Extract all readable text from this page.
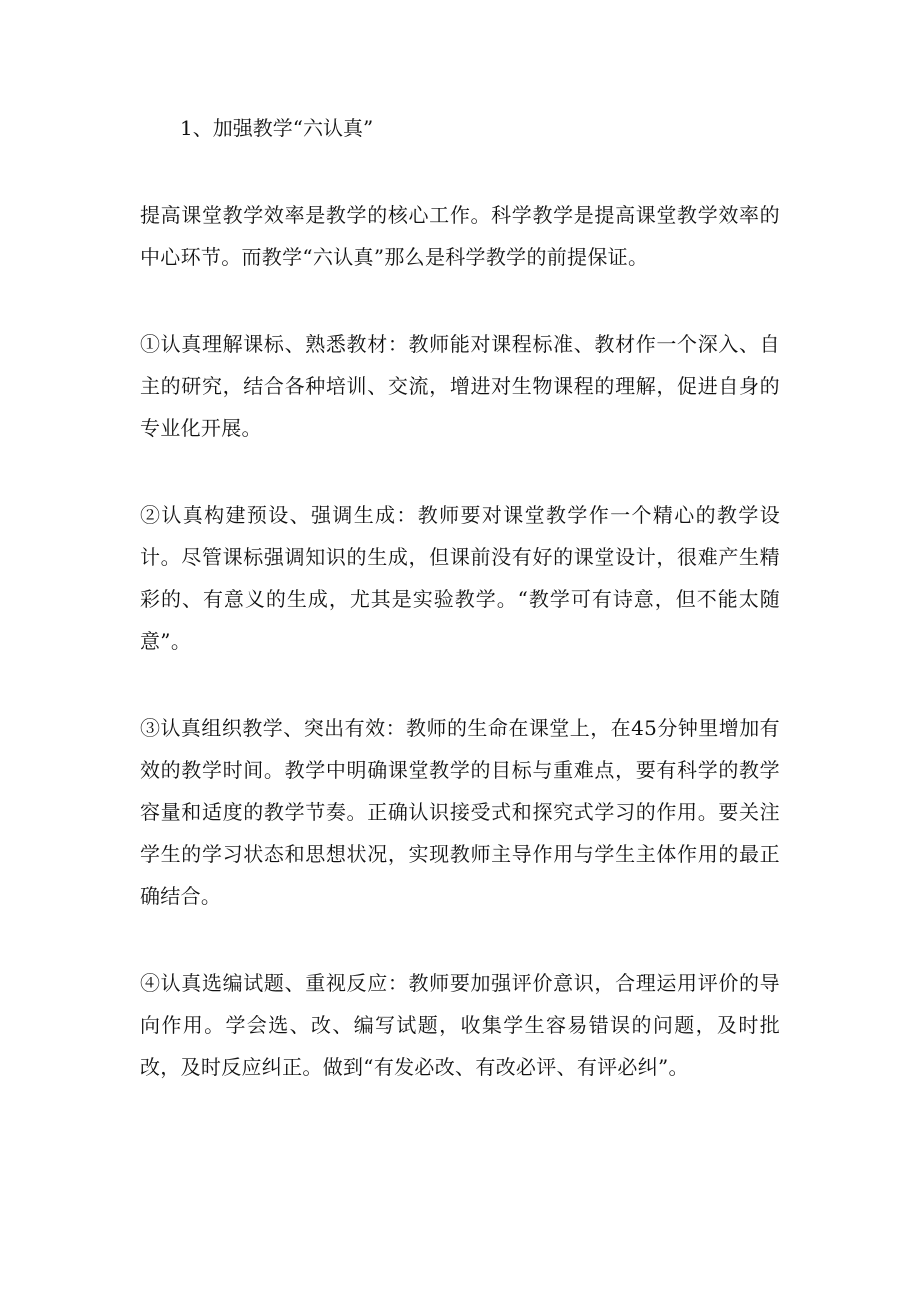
1、加强教学“六认真”

提高课堂教学效率是教学的核心工作。科学教学是提高课堂教学效率的中心环节。而教学“六认真”那么是科学教学的前提保证。

①认真理解课标、熟悉教材：教师能对课程标准、教材作一个深入、自主的研究，结合各种培训、交流，增进对生物课程的理解，促进自身的专业化开展。

②认真构建预设、强调生成：教师要对课堂教学作一个精心的教学设计。尽管课标强调知识的生成，但课前没有好的课堂设计，很难产生精彩的、有意义的生成，尤其是实验教学。“教学可有诗意，但不能太随意”。

③认真组织教学、突出有效：教师的生命在课堂上，在45分钟里增加有效的教学时间。教学中明确课堂教学的目标与重难点，要有科学的教学容量和适度的教学节奏。正确认识接受式和探究式学习的作用。要关注学生的学习状态和思想状况，实现教师主导作用与学生主体作用的最正确结合。

④认真选编试题、重视反应：教师要加强评价意识，合理运用评价的导向作用。学会选、改、编写试题，收集学生容易错误的问题，及时批改，及时反应纠正。做到“有发必改、有改必评、有评必纠”。
